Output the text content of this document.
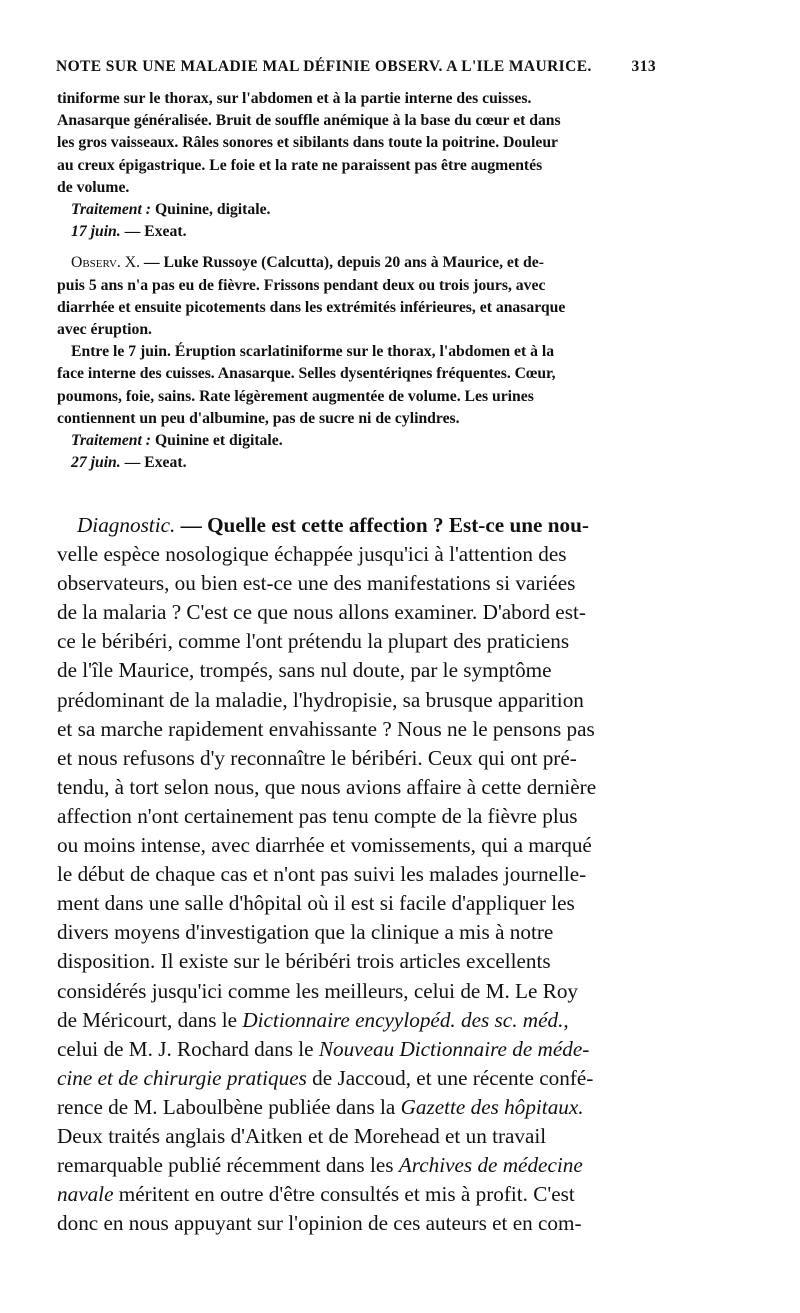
NOTE SUR UNE MALADIE MAL DÉFINIE OBSERV. A L'ILE MAURICE.	313

tiniforme sur le thorax, sur l'abdomen et à la partie interne des cuisses.

Anasarque généralisée. Bruit de souffle anémique à la base du cœur et dans

les gros vaisseaux. Râles sonores et sibilants dans toute la poitrine. Douleur

au creux épigastrique. Le foie et la rate ne paraissent pas être augmentés

de volume.

Traitement : Quinine, digitale.

17 juin. — Exeat.

Observ. X. — Luke Russoye (Calcutta), depuis 20 ans à Maurice, et de-

puis 5 ans n'a pas eu de fièvre. Frissons pendant deux ou trois jours, avec

diarrhée et ensuite picotements dans les extrémités inférieures, et anasarque

avec éruption.

Entre le 7 juin. Éruption scarlatiniforme sur le thorax, l'abdomen et à la

face interne des cuisses. Anasarque. Selles dysentériqnes fréquentes. Cœur,

poumons, foie, sains. Rate légèrement augmentée de volume. Les urines

contiennent un peu d'albumine, pas de sucre ni de cylindres.

Traitement : Quinine et digitale.

27 juin. — Exeat.

Diagnostic. — Quelle est cette affection ? Est-ce une nou-

velle espèce nosologique échappée jusqu'ici à l'attention des

observateurs, ou bien est-ce une des manifestations si variées

de la malaria ? C'est ce que nous allons examiner. D'abord est-

ce le béribéri, comme l'ont prétendu la plupart des praticiens

de l'île Maurice, trompés, sans nul doute, par le symptôme

prédominant de la maladie, l'hydropisie, sa brusque apparition

et sa marche rapidement envahissante ? Nous ne le pensons pas

et nous refusons d'y reconnaître le béribéri. Ceux qui ont pré-

tendu, à tort selon nous, que nous avions affaire à cette dernière

affection n'ont certainement pas tenu compte de la fièvre plus

ou moins intense, avec diarrhée et vomissements, qui a marqué

le début de chaque cas et n'ont pas suivi les malades journelle-

ment dans une salle d'hôpital où il est si facile d'appliquer les

divers moyens d'investigation que la clinique a mis à notre

disposition. Il existe sur le béribéri trois articles excellents

considérés jusqu'ici comme les meilleurs, celui de M. Le Roy

de Méricourt, dans le Dictionnaire encyylopéd. des sc. méd.,

celui de M. J. Rochard dans le Nouveau Dictionnaire de méde-

cine et de chirurgie pratiques de Jaccoud, et une récente confé-

rence de M. Laboulbène publiée dans la Gazette des hôpitaux.

Deux traités anglais d'Aitken et de Morehead et un travail

remarquable publié récemment dans les Archives de médecine

navale méritent en outre d'être consultés et mis à profit. C'est

donc en nous appuyant sur l'opinion de ces auteurs et en com-
